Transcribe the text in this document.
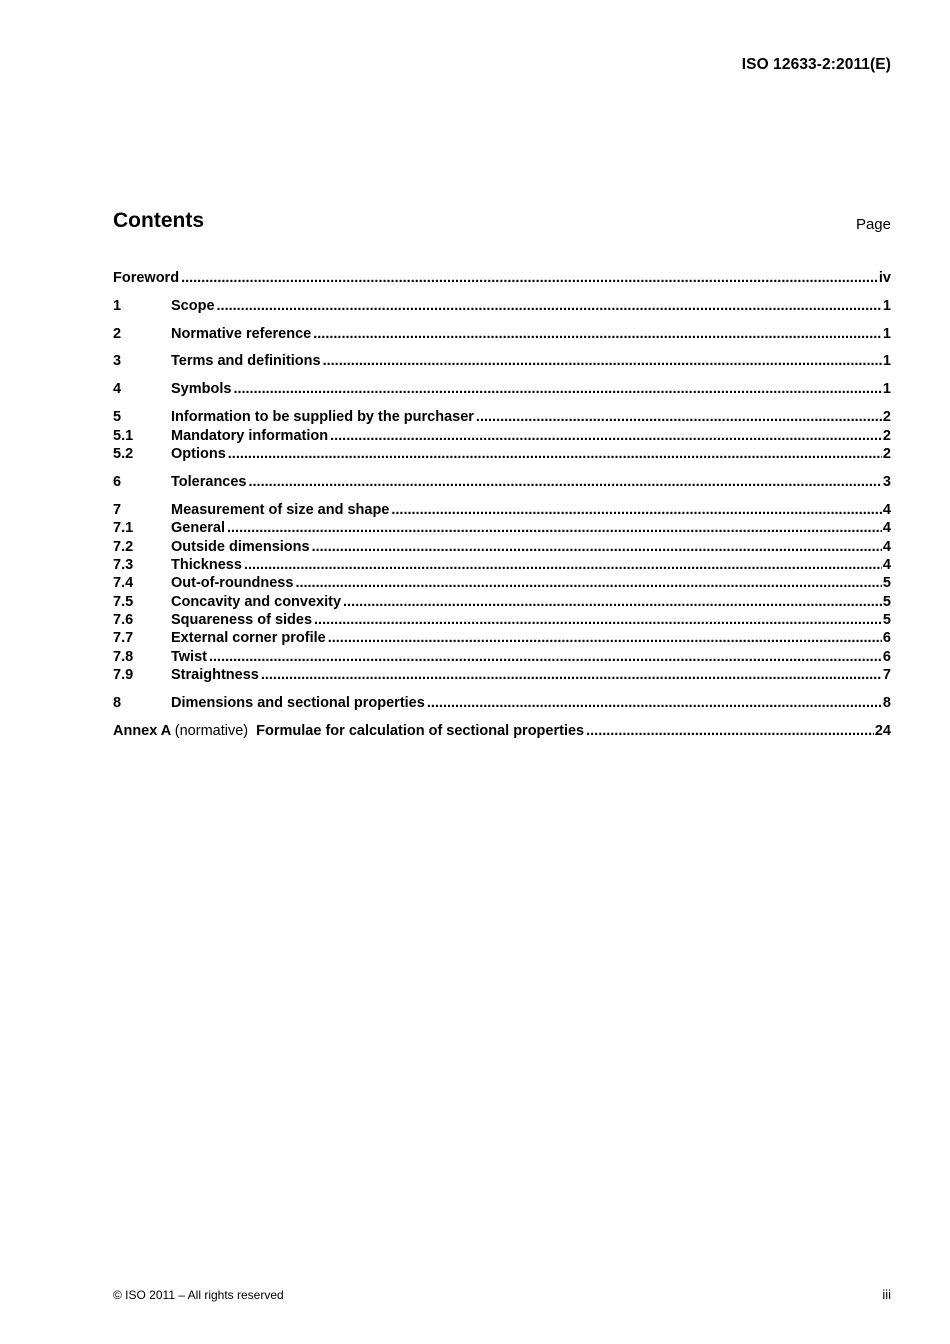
ISO 12633-2:2011(E)
Contents	Page
Foreword .....	iv
1	Scope .....	1
2	Normative reference .....	1
3	Terms and definitions .....	1
4	Symbols .....	1
5	Information to be supplied by the purchaser .....	2
5.1	Mandatory information .....	2
5.2	Options .....	2
6	Tolerances .....	3
7	Measurement of size and shape .....	4
7.1	General .....	4
7.2	Outside dimensions .....	4
7.3	Thickness .....	4
7.4	Out-of-roundness .....	5
7.5	Concavity and convexity .....	5
7.6	Squareness of sides .....	5
7.7	External corner profile .....	6
7.8	Twist .....	6
7.9	Straightness .....	7
8	Dimensions and sectional properties .....	8
Annex A (normative) Formulae for calculation of sectional properties .....	24
© ISO 2011 – All rights reserved	iii
